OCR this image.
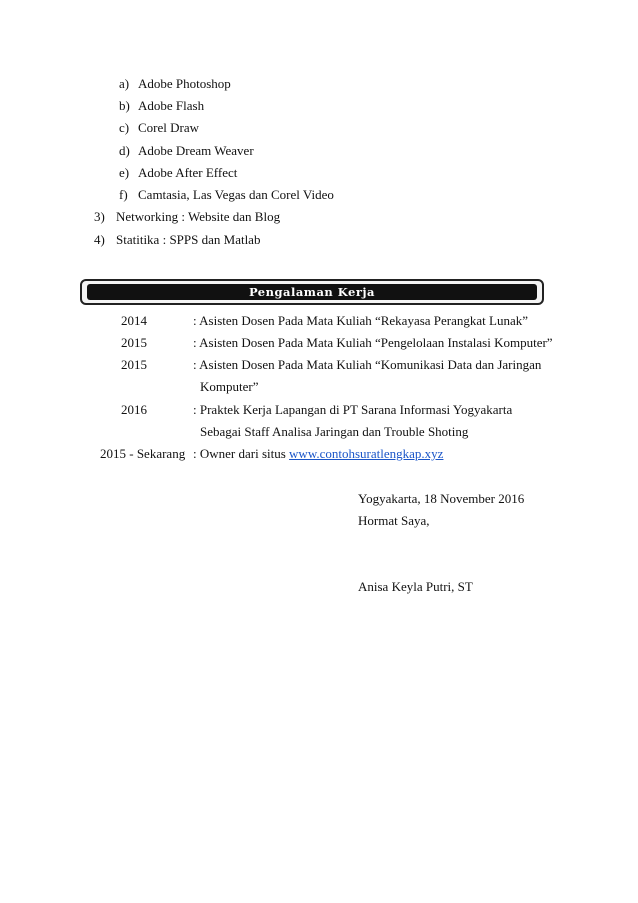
a) Adobe Photoshop
b) Adobe Flash
c) Corel Draw
d) Adobe Dream Weaver
e) Adobe After Effect
f) Camtasia, Las Vegas dan Corel Video
3) Networking : Website dan Blog
4) Statitika : SPPS dan Matlab
Pengalaman Kerja
2014	: Asisten Dosen Pada Mata Kuliah “Rekayasa Perangkat Lunak”
2015	: Asisten Dosen Pada Mata Kuliah “Pengelolaan Instalasi Komputer”
2015	: Asisten Dosen Pada Mata Kuliah “Komunikasi Data dan Jaringan
Komputer”
2016	: Praktek Kerja Lapangan di PT Sarana Informasi Yogyakarta
Sebagai Staff Analisa Jaringan dan Trouble Shoting
2015 - Sekarang : Owner dari situs www.contohsuratlengkap.xyz
Yogyakarta, 18 November 2016
Hormat Saya,
Anisa Keyla Putri, ST
